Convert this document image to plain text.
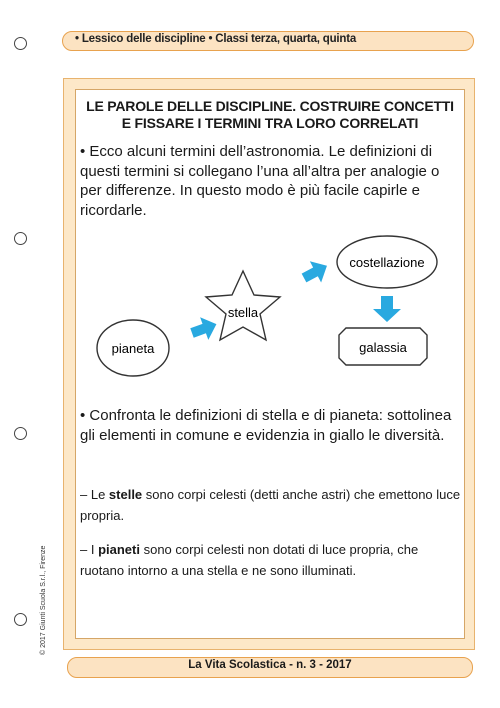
• Lessico delle discipline • Classi terza, quarta, quinta
LE PAROLE DELLE DISCIPLINE. COSTRUIRE CONCETTI
E FISSARE I TERMINI TRA LORO CORRELATI
• Ecco alcuni termini dell’astronomia. Le definizioni di questi termini si collegano l’una all’altra per analogie o per differenze. In questo modo è più facile capirle e ricordarle.
pianeta
stella
costellazione
galassia
• Confronta le definizioni di stella e di pianeta: sottolinea gli elementi in comune e evidenzia in giallo le diversità.
– Le stelle sono corpi celesti (detti anche astri) che emettono luce propria.
– I pianeti sono corpi celesti non dotati di luce propria, che ruotano intorno a una stella e ne sono illuminati.
© 2017 Giunti Scuola S.r.l., Firenze
La Vita Scolastica - n. 3 - 2017
